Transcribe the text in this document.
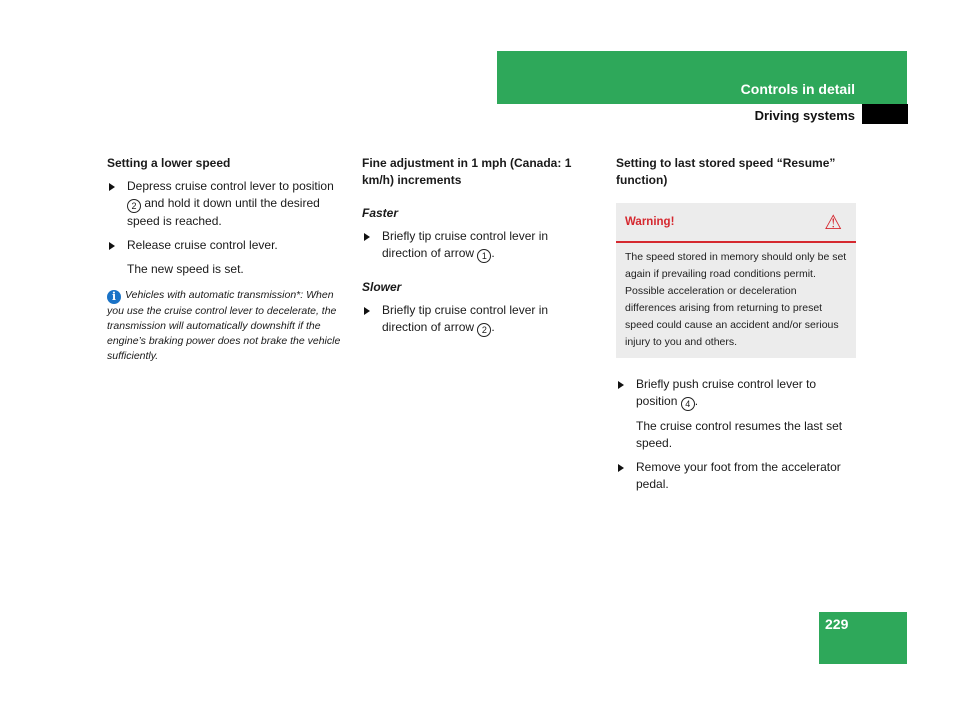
Controls in detail
Driving systems
Setting a lower speed
Depress cruise control lever to position 2 and hold it down until the desired speed is reached.
Release cruise control lever.
The new speed is set.
i Vehicles with automatic transmission*: When you use the cruise control lever to decelerate, the transmission will automatically downshift if the engine’s braking power does not brake the vehicle sufficiently.
Fine adjustment in 1 mph (Canada: 1 km/h) increments
Faster
Briefly tip cruise control lever in direction of arrow 1 .
Slower
Briefly tip cruise control lever in direction of arrow 2 .
Setting to last stored speed “Resume” function)
Warning!	⚠
The speed stored in memory should only be set again if prevailing road conditions permit. Possible acceleration or deceleration differences arising from returning to preset speed could cause an accident and/or serious injury to you and others.
Briefly push cruise control lever to position 4 .
The cruise control resumes the last set speed.
Remove your foot from the accelerator pedal.
229
